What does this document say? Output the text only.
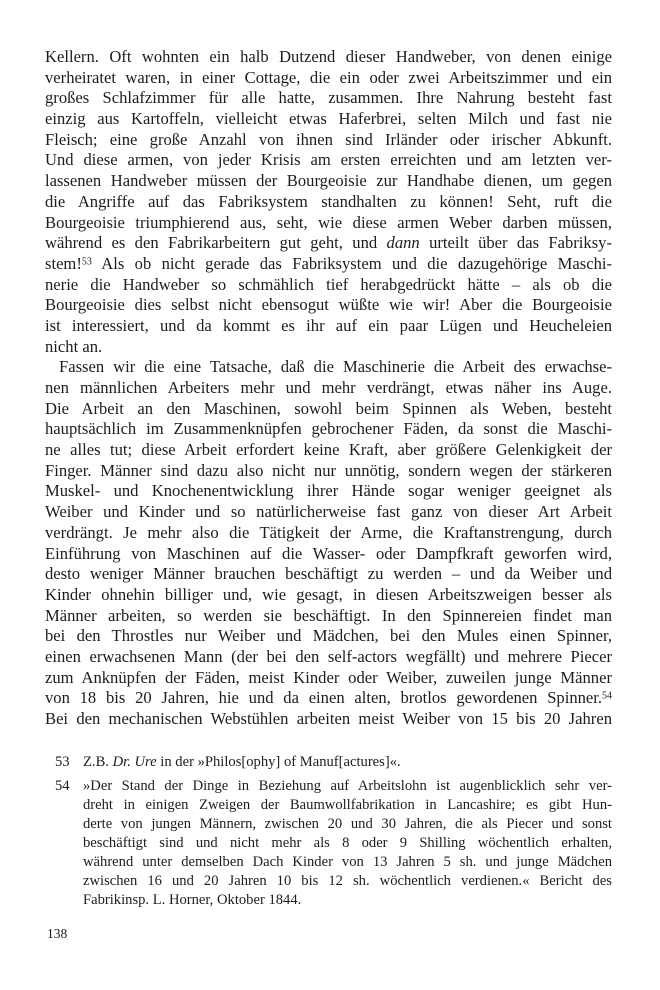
Kellern. Oft wohnten ein halb Dutzend dieser Handweber, von denen einige
verheiratet waren, in einer Cottage, die ein oder zwei Arbeitszimmer und ein
großes Schlafzimmer für alle hatte, zusammen. Ihre Nahrung besteht fast
einzig aus Kartoffeln, vielleicht etwas Haferbrei, selten Milch und fast nie
Fleisch; eine große Anzahl von ihnen sind Irländer oder irischer Abkunft.
Und diese armen, von jeder Krisis am ersten erreichten und am letzten ver-
lassenen Handweber müssen der Bourgeoisie zur Handhabe dienen, um gegen
die Angriffe auf das Fabriksystem standhalten zu können! Seht, ruft die
Bourgeoisie triumphierend aus, seht, wie diese armen Weber darben müssen,
während es den Fabrikarbeitern gut geht, und dann urteilt über das Fabriksy-
stem!$^{53}$ Als ob nicht gerade das Fabriksystem und die dazugehörige Maschi-
nerie die Handweber so schmählich tief herabgedrückt hätte – als ob die
Bourgeoisie dies selbst nicht ebensogut wüßte wie wir! Aber die Bourgeoisie
ist interessiert, und da kommt es ihr auf ein paar Lügen und Heucheleien
nicht an.
Fassen wir die eine Tatsache, daß die Maschinerie die Arbeit des erwachse-
nen männlichen Arbeiters mehr und mehr verdrängt, etwas näher ins Auge.
Die Arbeit an den Maschinen, sowohl beim Spinnen als Weben, besteht
hauptsächlich im Zusammenknüpfen gebrochener Fäden, da sonst die Maschi-
ne alles tut; diese Arbeit erfordert keine Kraft, aber größere Gelenkigkeit der
Finger. Männer sind dazu also nicht nur unnötig, sondern wegen der stärkeren
Muskel- und Knochenentwicklung ihrer Hände sogar weniger geeignet als
Weiber und Kinder und so natürlicherweise fast ganz von dieser Art Arbeit
verdrängt. Je mehr also die Tätigkeit der Arme, die Kraftanstrengung, durch
Einführung von Maschinen auf die Wasser- oder Dampfkraft geworfen wird,
desto weniger Männer brauchen beschäftigt zu werden – und da Weiber und
Kinder ohnehin billiger und, wie gesagt, in diesen Arbeitszweigen besser als
Männer arbeiten, so werden sie beschäftigt. In den Spinnereien findet man
bei den Throstles nur Weiber und Mädchen, bei den Mules einen Spinner,
einen erwachsenen Mann (der bei den self-actors wegfällt) und mehrere Piecer
zum Anknüpfen der Fäden, meist Kinder oder Weiber, zuweilen junge Männer
von 18 bis 20 Jahren, hie und da einen alten, brotlos gewordenen Spinner.$^{54}$
Bei den mechanischen Webstühlen arbeiten meist Weiber von 15 bis 20 Jahren
53 Z.B. Dr. Ure in der »Philos[ophy] of Manuf[actures]«.
54 »Der Stand der Dinge in Beziehung auf Arbeitslohn ist augenblicklich sehr ver-
dreht in einigen Zweigen der Baumwollfabrikation in Lancashire; es gibt Hun-
derte von jungen Männern, zwischen 20 und 30 Jahren, die als Piecer und sonst
beschäftigt sind und nicht mehr als 8 oder 9 Shilling wöchentlich erhalten,
während unter demselben Dach Kinder von 13 Jahren 5 sh. und junge Mädchen
zwischen 16 und 20 Jahren 10 bis 12 sh. wöchentlich verdienen.« Bericht des
Fabrikinsp. L. Horner, Oktober 1844.
138
